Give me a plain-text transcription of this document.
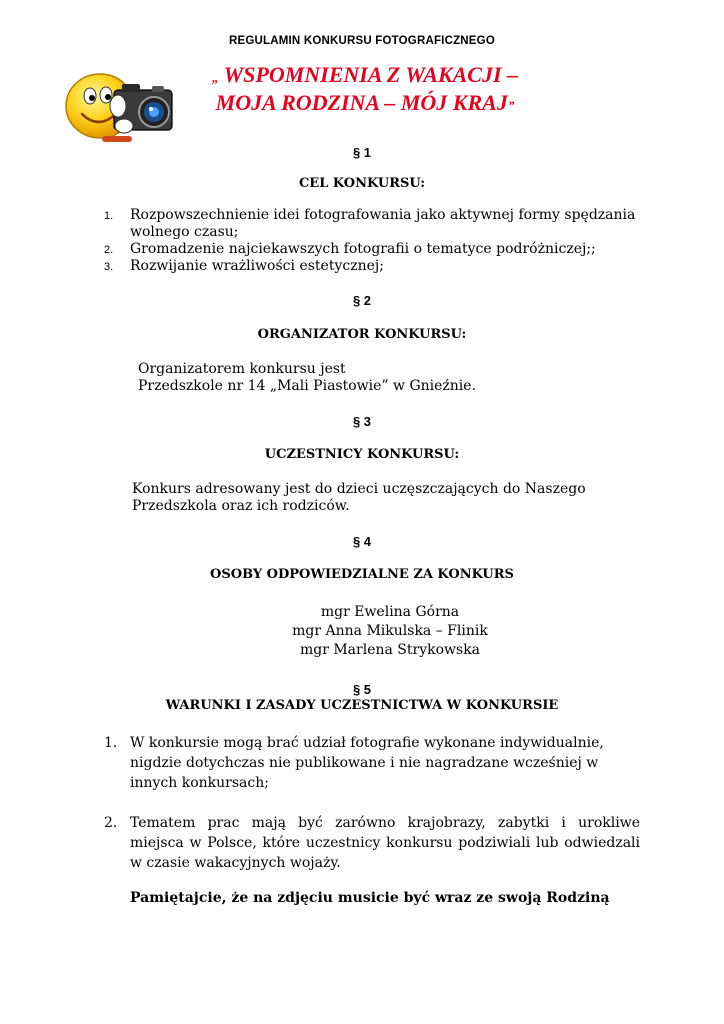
REGULAMIN KONKURSU FOTOGRAFICZNEGO
„ WSPOMNIENIA Z WAKACJI –
MOJA RODZINA – MÓJ KRAJ”
§ 1
CEL KONKURSU:
1. Rozpowszechnienie idei fotografowania jako aktywnej formy spędzania
wolnego czasu;
2. Gromadzenie najciekawszych fotografii o tematyce podróżniczej;;
3. Rozwijanie wrażliwości estetycznej;
§ 2
ORGANIZATOR KONKURSU:
Organizatorem konkursu jest
Przedszkole nr 14 „Mali Piastowie” w Gnieźnie.
§ 3
UCZESTNICY KONKURSU:
Konkurs adresowany jest do dzieci uczęszczających do Naszego
Przedszkola oraz ich rodziców.
§ 4
OSOBY ODPOWIEDZIALNE ZA KONKURS
mgr Ewelina Górna
mgr Anna Mikulska – Flinik
mgr Marlena Strykowska
§ 5
WARUNKI I ZASADY UCZESTNICTWA W KONKURSIE
1. W konkursie mogą brać udział fotografie wykonane indywidualnie,
nigdzie dotychczas nie publikowane i nie nagradzane wcześniej w
innych konkursach;
2. Tematem prac mają być zarówno krajobrazy, zabytki i urokliwe
miejsca w Polsce, które uczestnicy konkursu podziwiali lub odwiedzali
w czasie wakacyjnych wojaży.
Pamiętajcie, że na zdjęciu musicie być wraz ze swoją Rodziną
